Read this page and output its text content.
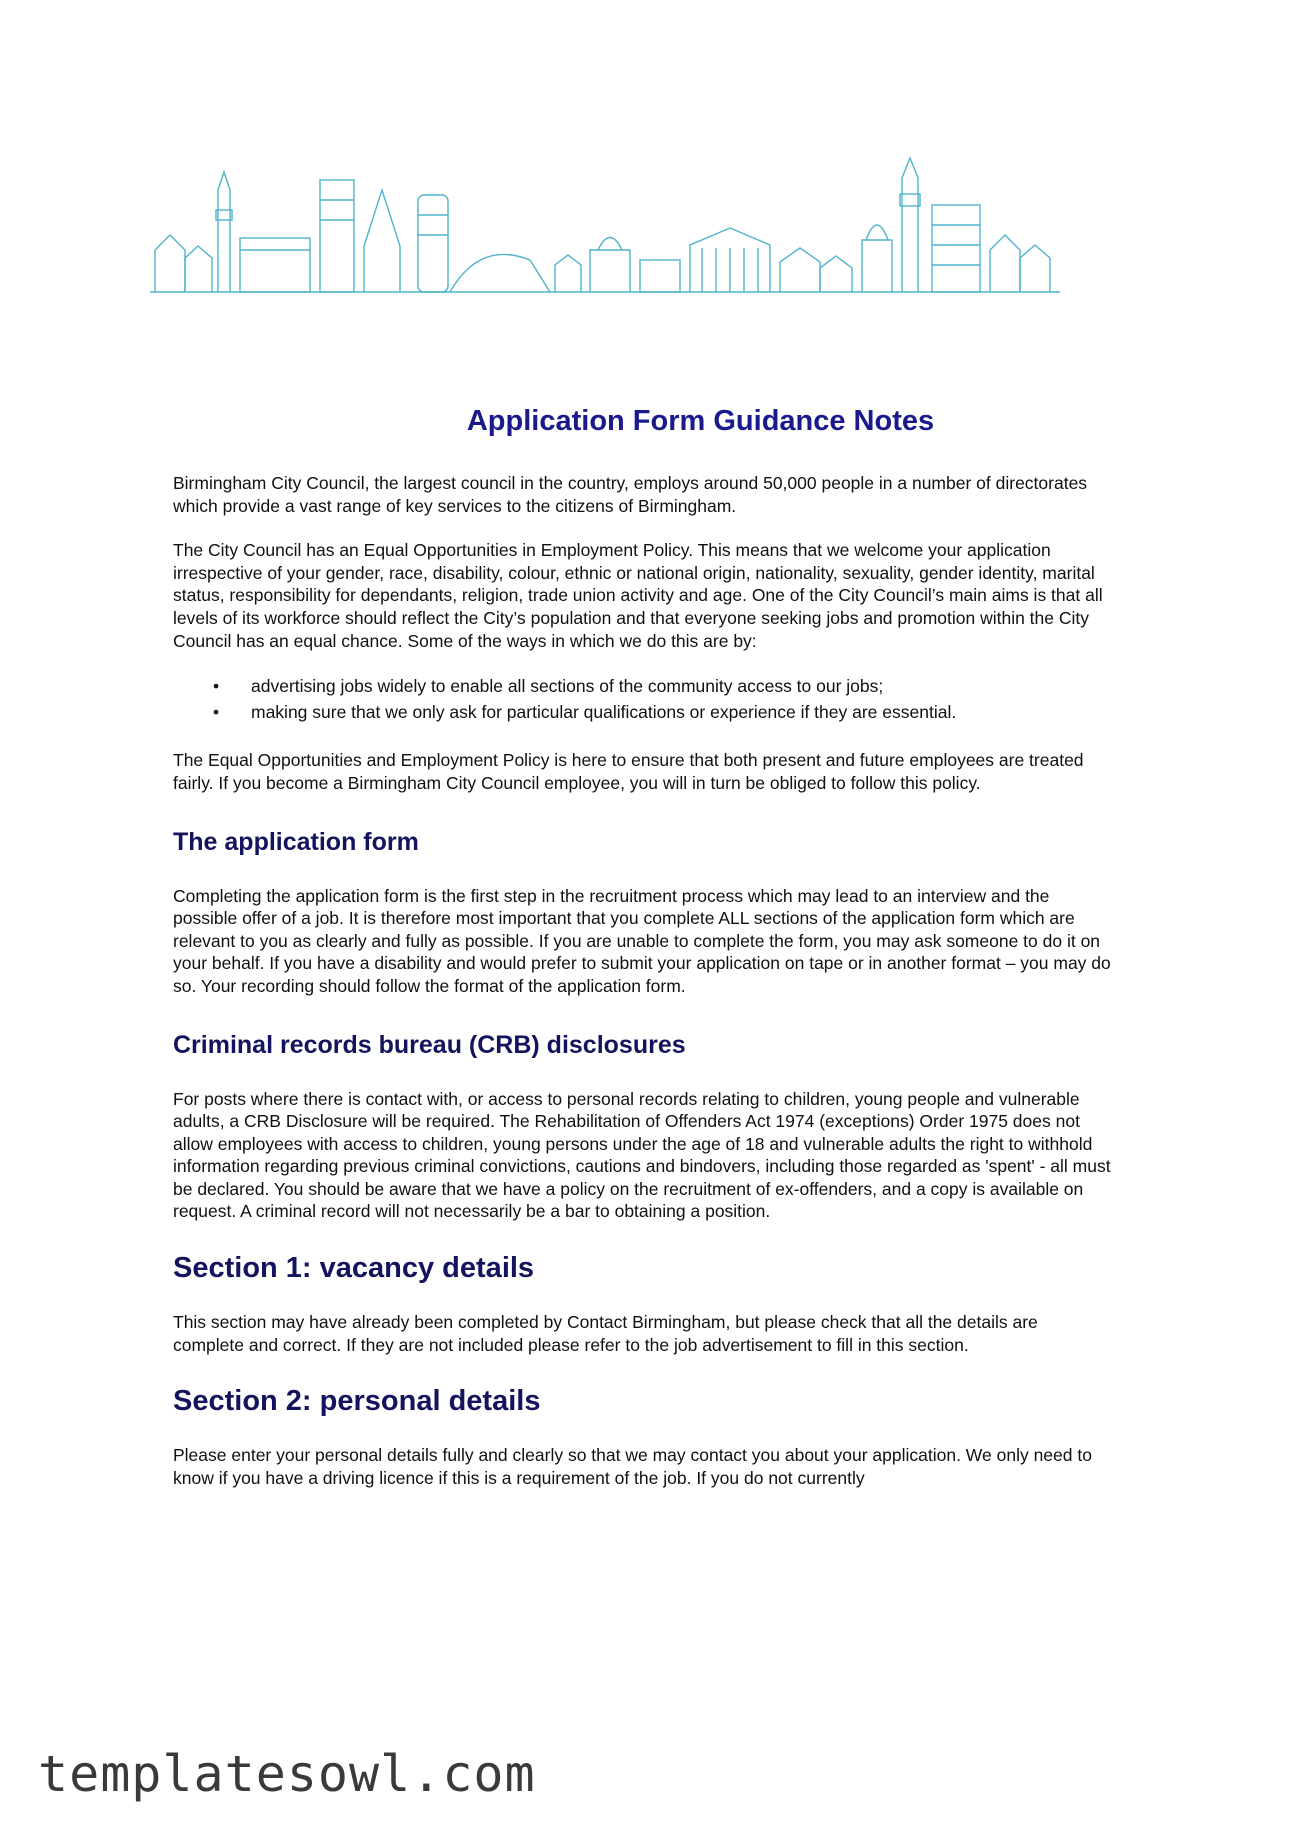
Application Form Guidance Notes

Birmingham City Council, the largest council in the country, employs around 50,000 people in a number of directorates which provide a vast range of key services to the citizens of Birmingham.

The City Council has an Equal Opportunities in Employment Policy. This means that we welcome your application irrespective of your gender, race, disability, colour, ethnic or national origin, nationality, sexuality, gender identity, marital status, responsibility for dependants, religion, trade union activity and age. One of the City Council’s main aims is that all levels of its workforce should reflect the City’s population and that everyone seeking jobs and promotion within the City Council has an equal chance. Some of the ways in which we do this are by:

• advertising jobs widely to enable all sections of the community access to our jobs;
• making sure that we only ask for particular qualifications or experience if they are essential.

The Equal Opportunities and Employment Policy is here to ensure that both present and future employees are treated fairly. If you become a Birmingham City Council employee, you will in turn be obliged to follow this policy.

The application form

Completing the application form is the first step in the recruitment process which may lead to an interview and the possible offer of a job. It is therefore most important that you complete ALL sections of the application form which are relevant to you as clearly and fully as possible. If you are unable to complete the form, you may ask someone to do it on your behalf. If you have a disability and would prefer to submit your application on tape or in another format – you may do so. Your recording should follow the format of the application form.

Criminal records bureau (CRB) disclosures

For posts where there is contact with, or access to personal records relating to children, young people and vulnerable adults, a CRB Disclosure will be required. The Rehabilitation of Offenders Act 1974 (exceptions) Order 1975 does not allow employees with access to children, young persons under the age of 18 and vulnerable adults the right to withhold information regarding previous criminal convictions, cautions and bindovers, including those regarded as 'spent' - all must be declared. You should be aware that we have a policy on the recruitment of ex-offenders, and a copy is available on request. A criminal record will not necessarily be a bar to obtaining a position.

Section 1: vacancy details

This section may have already been completed by Contact Birmingham, but please check that all the details are complete and correct. If they are not included please refer to the job advertisement to fill in this section.

Section 2: personal details

Please enter your personal details fully and clearly so that we may contact you about your application. We only need to know if you have a driving licence if this is a requirement of the job. If you do not currently

templatesowl.com
